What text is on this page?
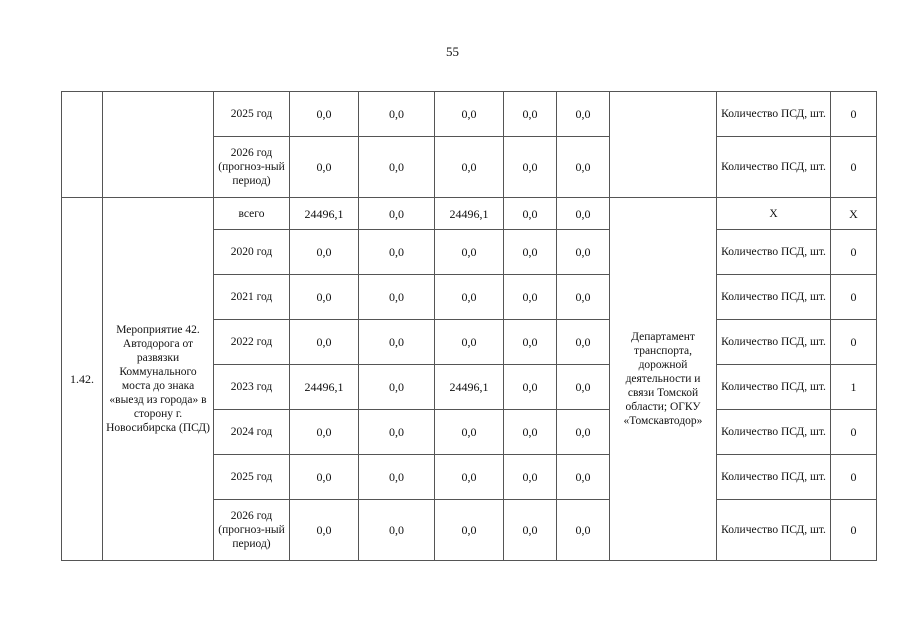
55
		2025 год	0,0	0,0	0,0	0,0	0,0		Количество ПСД, шт.	0
		2026 год (прогноз-ный период)	0,0	0,0	0,0	0,0	0,0		Количество ПСД, шт.	0
1.42.	Мероприятие 42. Автодорога от развязки Коммунального моста до знака «выезд из города» в сторону г. Новосибирска (ПСД)	всего	24496,1	0,0	24496,1	0,0	0,0	Департамент транспорта, дорожной деятельности и связи Томской области; ОГКУ «Томскавтодор»	Х	Х
		2020 год	0,0	0,0	0,0	0,0	0,0		Количество ПСД, шт.	0
		2021 год	0,0	0,0	0,0	0,0	0,0		Количество ПСД, шт.	0
		2022 год	0,0	0,0	0,0	0,0	0,0		Количество ПСД, шт.	0
		2023 год	24496,1	0,0	24496,1	0,0	0,0		Количество ПСД, шт.	1
		2024 год	0,0	0,0	0,0	0,0	0,0		Количество ПСД, шт.	0
		2025 год	0,0	0,0	0,0	0,0	0,0		Количество ПСД, шт.	0
		2026 год (прогноз-ный период)	0,0	0,0	0,0	0,0	0,0		Количество ПСД, шт.	0
